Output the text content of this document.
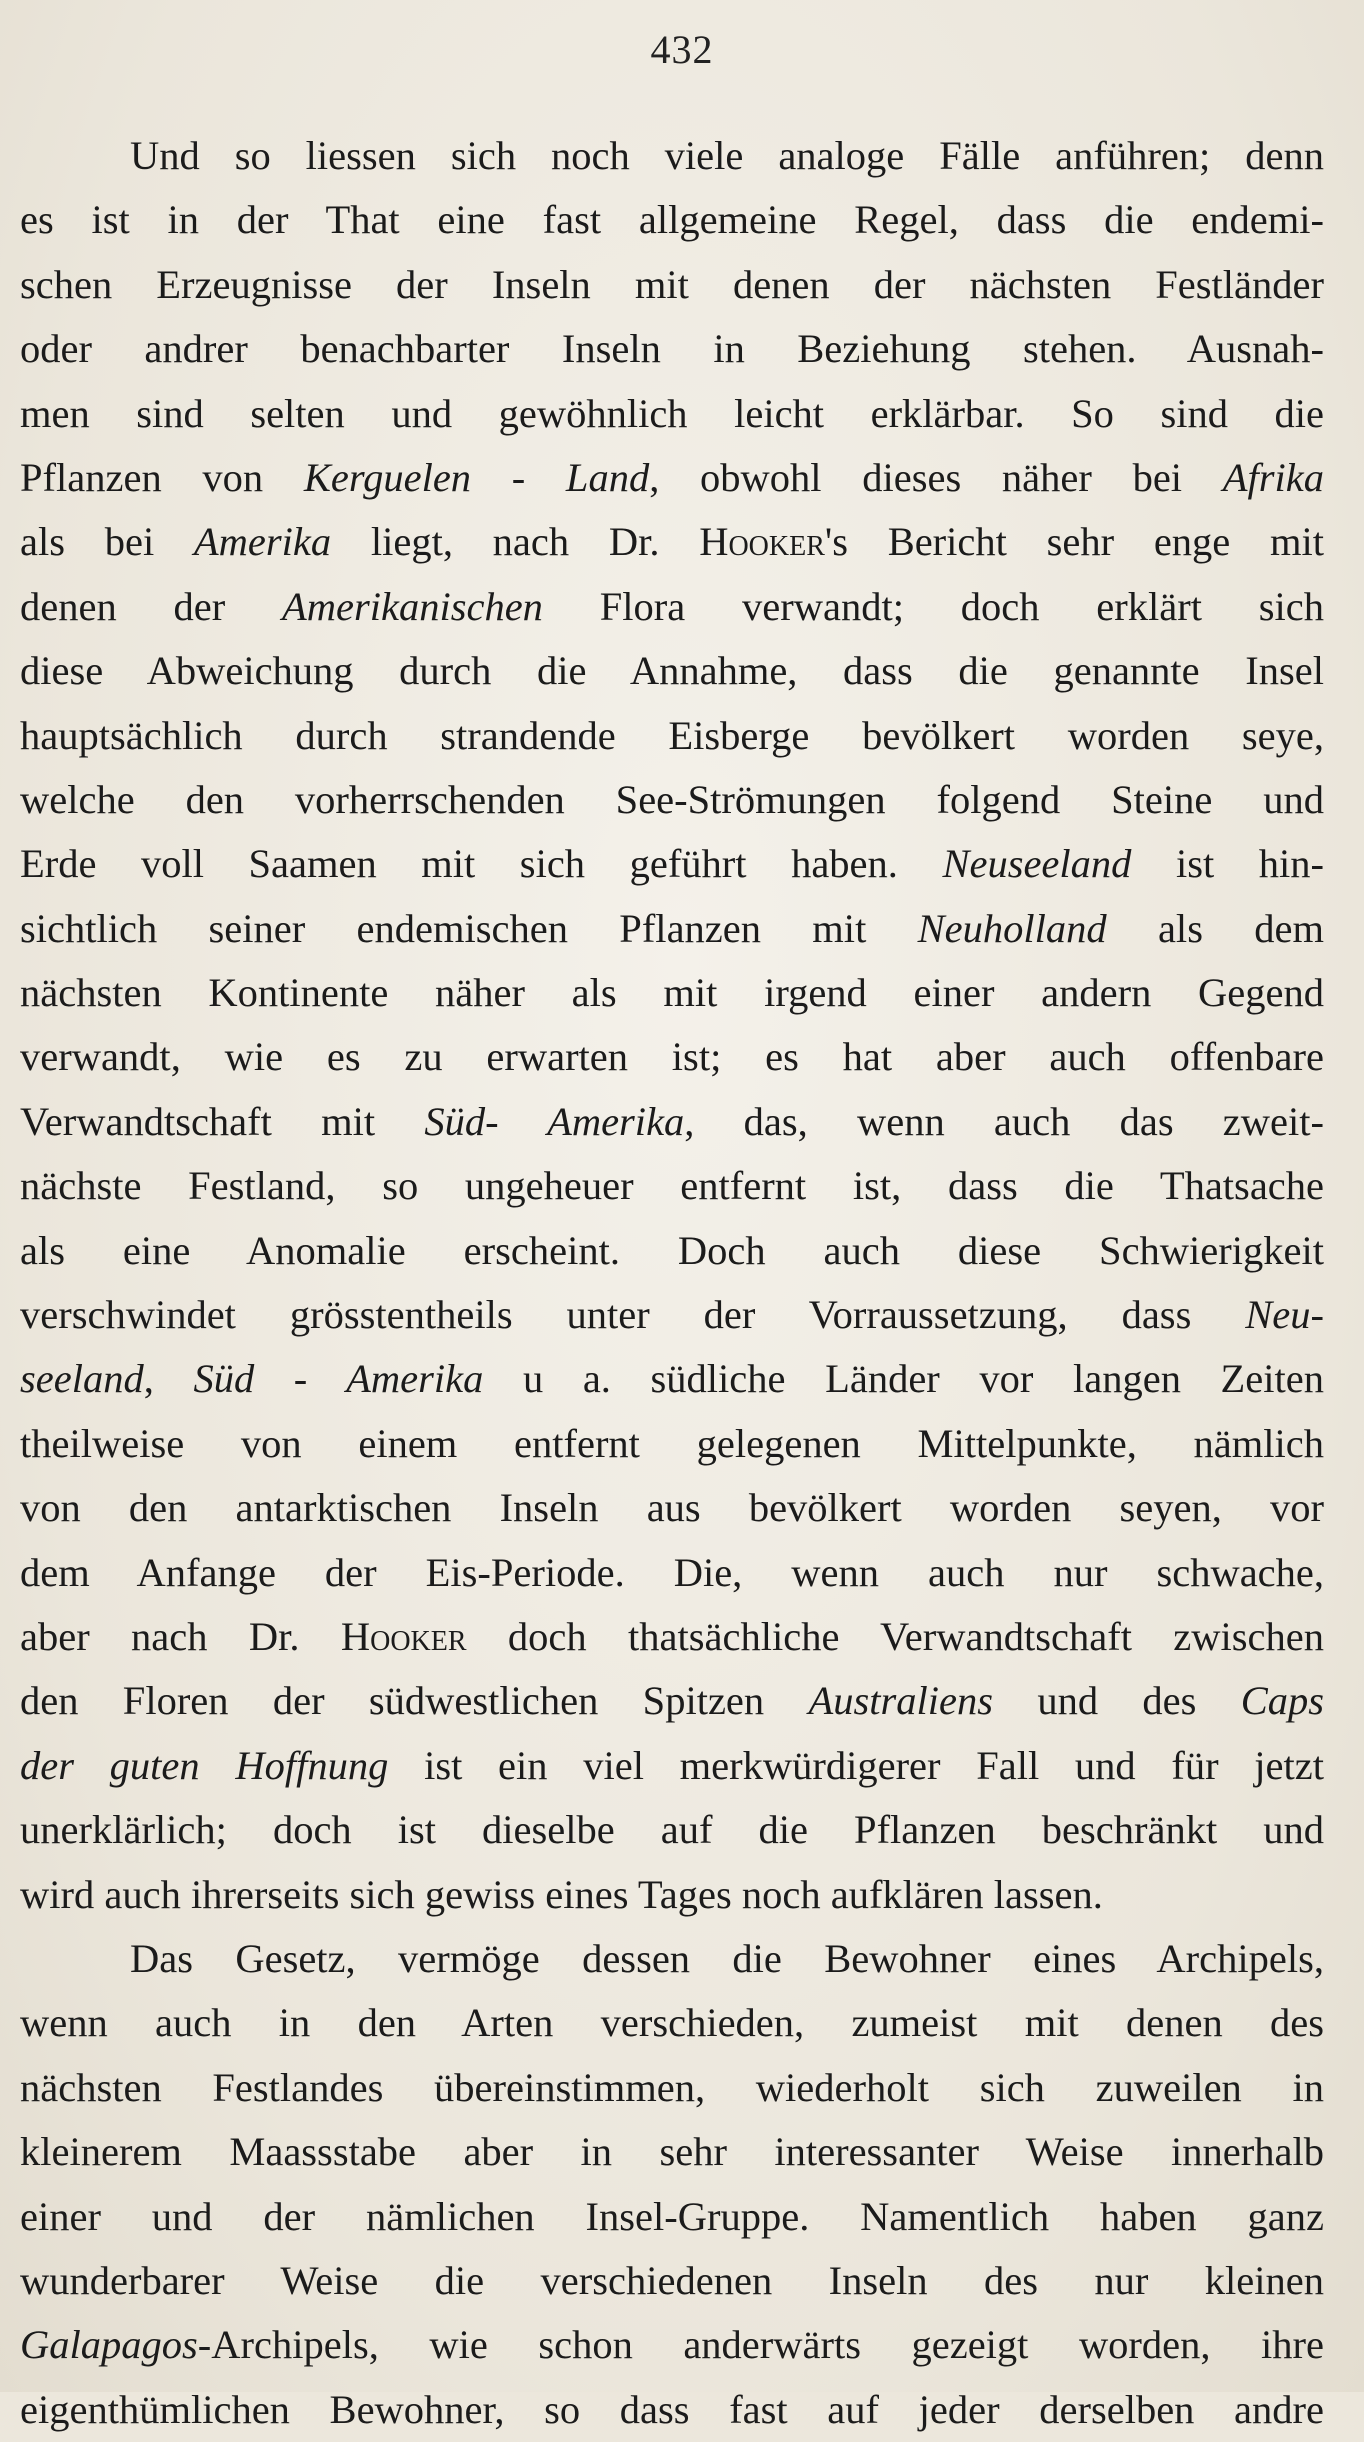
432
Und so liessen sich noch viele analoge Fälle anführen; denn
es ist in der That eine fast allgemeine Regel, dass die endemi-
schen Erzeugnisse der Inseln mit denen der nächsten Festländer
oder andrer benachbarter Inseln in Beziehung stehen. Ausnah-
men sind selten und gewöhnlich leicht erklärbar. So sind die
Pflanzen von Kerguelen - Land, obwohl dieses näher bei Afrika
als bei Amerika liegt, nach Dr. Hooker's Bericht sehr enge mit
denen der Amerikanischen Flora verwandt; doch erklärt sich
diese Abweichung durch die Annahme, dass die genannte Insel
hauptsächlich durch strandende Eisberge bevölkert worden seye,
welche den vorherrschenden See-Strömungen folgend Steine und
Erde voll Saamen mit sich geführt haben. Neuseeland ist hin-
sichtlich seiner endemischen Pflanzen mit Neuholland als dem
nächsten Kontinente näher als mit irgend einer andern Gegend
verwandt, wie es zu erwarten ist; es hat aber auch offenbare
Verwandtschaft mit Süd- Amerika, das, wenn auch das zweit-
nächste Festland, so ungeheuer entfernt ist, dass die Thatsache
als eine Anomalie erscheint. Doch auch diese Schwierigkeit
verschwindet grösstentheils unter der Vorraussetzung, dass Neu-
seeland, Süd - Amerika u a. südliche Länder vor langen Zeiten
theilweise von einem entfernt gelegenen Mittelpunkte, nämlich
von den antarktischen Inseln aus bevölkert worden seyen, vor
dem Anfange der Eis-Periode. Die, wenn auch nur schwache,
aber nach Dr. Hooker doch thatsächliche Verwandtschaft zwischen
den Floren der südwestlichen Spitzen Australiens und des Caps
der guten Hoffnung ist ein viel merkwürdigerer Fall und für jetzt
unerklärlich; doch ist dieselbe auf die Pflanzen beschränkt und
wird auch ihrerseits sich gewiss eines Tages noch aufklären lassen.
Das Gesetz, vermöge dessen die Bewohner eines Archipels,
wenn auch in den Arten verschieden, zumeist mit denen des
nächsten Festlandes übereinstimmen, wiederholt sich zuweilen in
kleinerem Maassstabe aber in sehr interessanter Weise innerhalb
einer und der nämlichen Insel-Gruppe. Namentlich haben ganz
wunderbarer Weise die verschiedenen Inseln des nur kleinen
Galapagos-Archipels, wie schon anderwärts gezeigt worden, ihre
eigenthümlichen Bewohner, so dass fast auf jeder derselben andre
